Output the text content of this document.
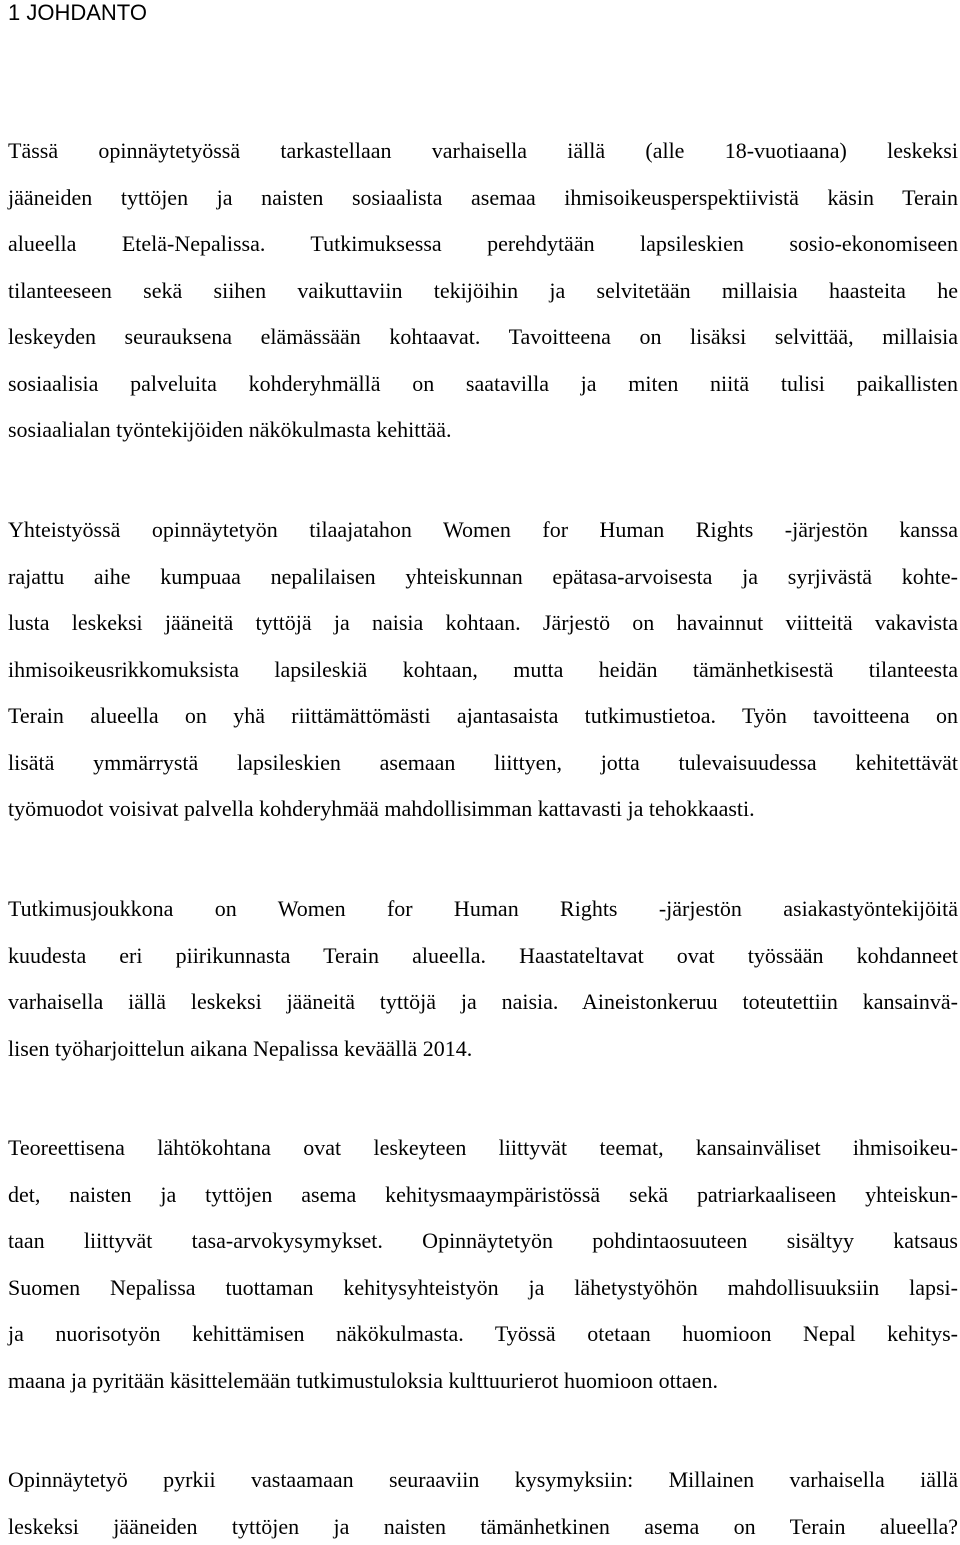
1 JOHDANTO
Tässä opinnäytetyössä tarkastellaan varhaisella iällä (alle 18-vuotiaana) leskeksi
jääneiden tyttöjen ja naisten sosiaalista asemaa ihmisoikeusperspektiivistä käsin Terain
alueella Etelä-Nepalissa. Tutkimuksessa perehdytään lapsileskien sosio-ekonomiseen
tilanteeseen sekä siihen vaikuttaviin tekijöihin ja selvitetään millaisia haasteita he
leskeyden seurauksena elämässään kohtaavat. Tavoitteena on lisäksi selvittää, millaisia
sosiaalisia palveluita kohderyhmällä on saatavilla ja miten niitä tulisi paikallisten
sosiaalialan työntekijöiden näkökulmasta kehittää.
Yhteistyössä opinnäytetyön tilaajatahon Women for Human Rights -järjestön kanssa
rajattu aihe kumpuaa nepalilaisen yhteiskunnan epätasa-arvoisesta ja syrjivästä kohte-
lusta leskeksi jääneitä tyttöjä ja naisia kohtaan. Järjestö on havainnut viitteitä vakavista
ihmisoikeusrikkomuksista lapsileskiä kohtaan, mutta heidän tämänhetkisestä tilanteesta
Terain alueella on yhä riittämättömästi ajantasaista tutkimustietoa. Työn tavoitteena on
lisätä ymmärrystä lapsileskien asemaan liittyen, jotta tulevaisuudessa kehitettävät
työmuodot voisivat palvella kohderyhmää mahdollisimman kattavasti ja tehokkaasti.
Tutkimusjoukkona on Women for Human Rights -järjestön asiakastyöntekijöitä
kuudesta eri piirikunnasta Terain alueella. Haastateltavat ovat työssään kohdanneet
varhaisella iällä leskeksi jääneitä tyttöjä ja naisia. Aineistonkeruu toteutettiin kansainvä-
lisen työharjoittelun aikana Nepalissa keväällä 2014.
Teoreettisena lähtökohtana ovat leskeyteen liittyvät teemat, kansainväliset ihmisoikeu-
det, naisten ja tyttöjen asema kehitysmaaympäristössä sekä patriarkaaliseen yhteiskun-
taan liittyvät tasa-arvokysymykset. Opinnäytetyön pohdintaosuuteen sisältyy katsaus
Suomen Nepalissa tuottaman kehitysyhteistyön ja lähetystyöhön mahdollisuuksiin lapsi-
ja nuorisotyön kehittämisen näkökulmasta. Työssä otetaan huomioon Nepal kehitys-
maana ja pyritään käsittelemään tutkimustuloksia kulttuurierot huomioon ottaen.
Opinnäytetyö pyrkii vastaamaan seuraaviin kysymyksiin: Millainen varhaisella iällä
leskeksi jääneiden tyttöjen ja naisten tämänhetkinen asema on Terain alueella?
